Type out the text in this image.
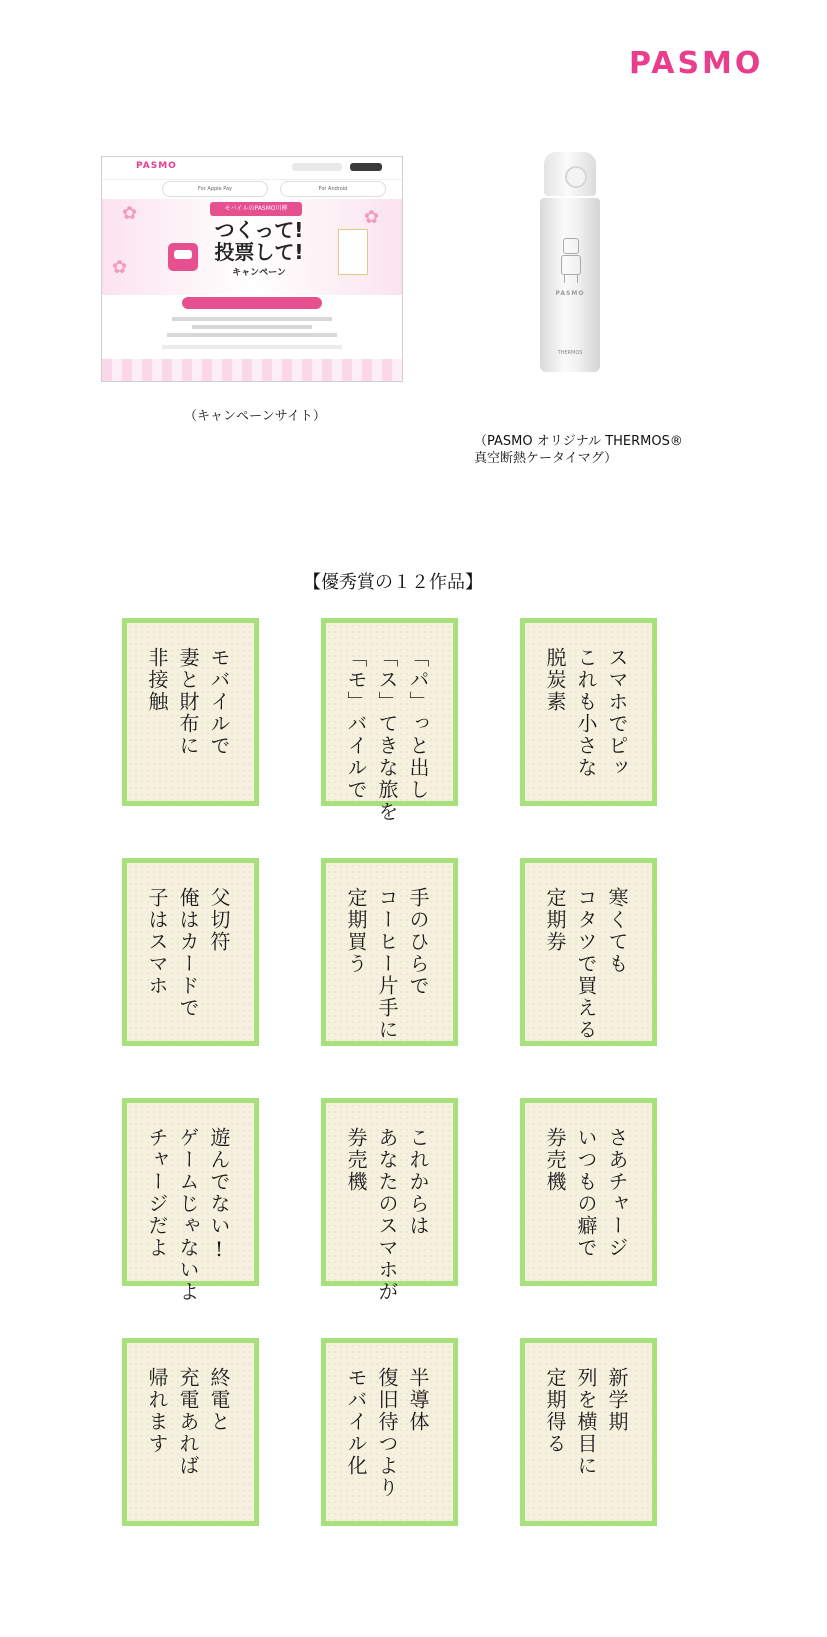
PASMO
PASMO
For Apple Pay	For Android
✿	✿
✿
モバイルのPASMO川柳
つくって!
投票して!
キャンペーン
PASMO
THERMOS
（キャンペーンサイト）
（PASMO オリジナル THERMOS®
真空断熱ケータイマグ）
【優秀賞の１２作品】
モバイルで
妻と財布に
非接触	「パ」っと出し
「ス」てきな旅を
「モ」バイルで	スマホでピッ
これも小さな
脱炭素
父切符
俺はカードで
子はスマホ	手のひらで
コーヒー片手に
定期買う	寒くても
コタツで買える
定期券
遊んでない!
ゲームじゃないよ
チャージだよ	これからは
あなたのスマホが
券売機	さあチャージ
いつもの癖で
券売機
終電と
充電あれば
帰れます	半導体
復旧待つより
モバイル化	新学期
列を横目に
定期得る
